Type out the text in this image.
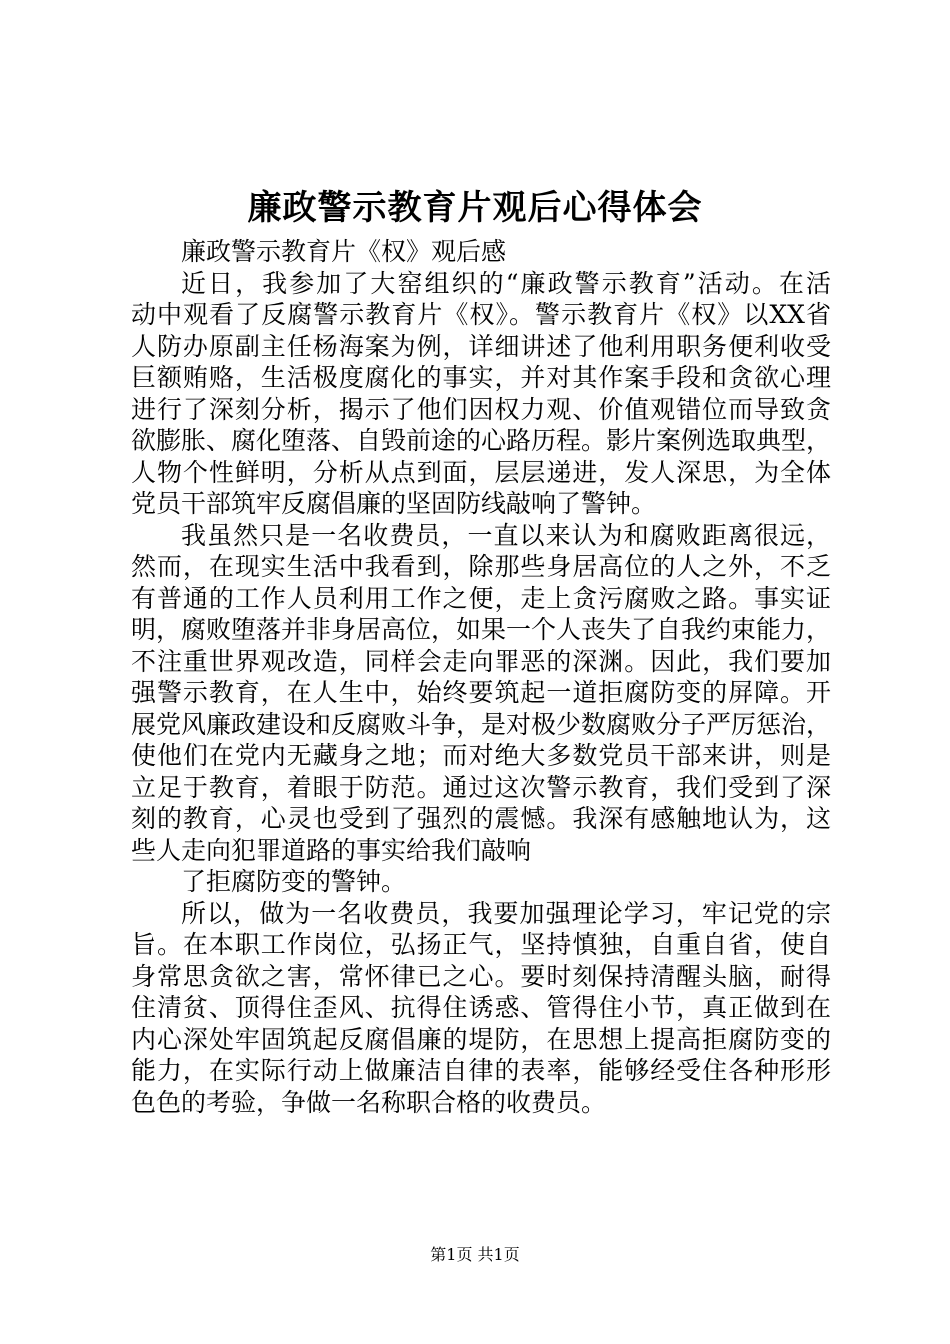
廉政警示教育片观后心得体会
廉政警示教育片《权》观后感
近日，我参加了大窑组织的“廉政警示教育”活动。在活
动中观看了反腐警示教育片《权》。警示教育片《权》以XX省
人防办原副主任杨海案为例，详细讲述了他利用职务便利收受
巨额贿赂，生活极度腐化的事实，并对其作案手段和贪欲心理
进行了深刻分析，揭示了他们因权力观、价值观错位而导致贪
欲膨胀、腐化堕落、自毁前途的心路历程。影片案例选取典型，
人物个性鲜明，分析从点到面，层层递进，发人深思，为全体
党员干部筑牢反腐倡廉的坚固防线敲响了警钟。
我虽然只是一名收费员，一直以来认为和腐败距离很远，
然而，在现实生活中我看到，除那些身居高位的人之外，不乏
有普通的工作人员利用工作之便，走上贪污腐败之路。事实证
明，腐败堕落并非身居高位，如果一个人丧失了自我约束能力，
不注重世界观改造，同样会走向罪恶的深渊。因此，我们要加
强警示教育，在人生中，始终要筑起一道拒腐防变的屏障。开
展党风廉政建设和反腐败斗争，是对极少数腐败分子严厉惩治，
使他们在党内无藏身之地；而对绝大多数党员干部来讲，则是
立足于教育，着眼于防范。通过这次警示教育，我们受到了深
刻的教育，心灵也受到了强烈的震憾。我深有感触地认为，这
些人走向犯罪道路的事实给我们敲响
了拒腐防变的警钟。
所以，做为一名收费员，我要加强理论学习，牢记党的宗
旨。在本职工作岗位，弘扬正气，坚持慎独，自重自省，使自
身常思贪欲之害，常怀律已之心。要时刻保持清醒头脑，耐得
住清贫、顶得住歪风、抗得住诱惑、管得住小节，真正做到在
内心深处牢固筑起反腐倡廉的堤防，在思想上提高拒腐防变的
能力，在实际行动上做廉洁自律的表率，能够经受住各种形形
色色的考验，争做一名称职合格的收费员。
第1页 共1页
